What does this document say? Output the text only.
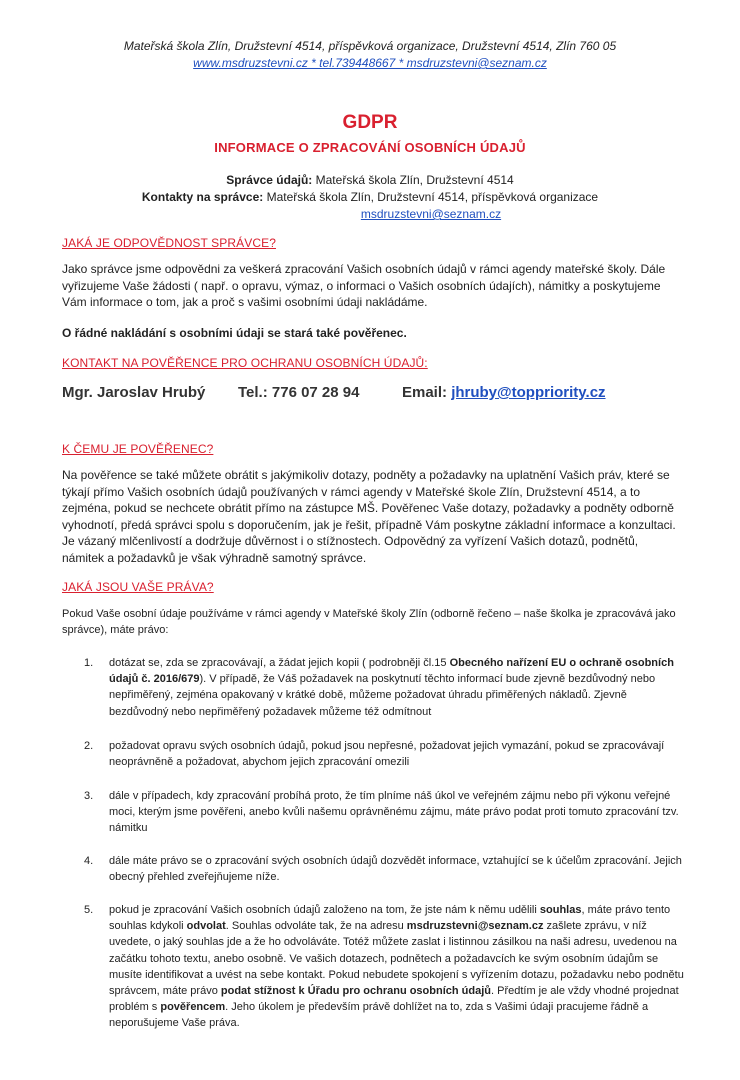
Mateřská škola Zlín, Družstevní 4514, příspěvková organizace, Družstevní 4514, Zlín 760 05
www.msdruzstevni.cz * tel.739448667 * msdruzstevni@seznam.cz
GDPR
INFORMACE O ZPRACOVÁNÍ OSOBNÍCH ÚDAJŮ
Správce údajů: Mateřská škola Zlín, Družstevní 4514
Kontakty na správce: Mateřská škola Zlín, Družstevní 4514, příspěvková organizace
msdruzstevni@seznam.cz
JAKÁ JE ODPOVĚDNOST SPRÁVCE?
Jako správce jsme odpovědni za veškerá zpracování Vašich osobních údajů v rámci agendy mateřské školy. Dále vyřizujeme Vaše žádosti ( např. o opravu, výmaz, o informaci o Vašich osobních údajích), námitky a poskytujeme Vám informace o tom, jak a proč s vašimi osobními údaji nakládáme.
O řádné nakládání s osobními údaji se stará také pověřenec.
KONTAKT NA POVĚŘENCE PRO OCHRANU OSOBNÍCH ÚDAJŮ:
Mgr. Jaroslav Hrubý Tel.: 776 07 28 94	Email: jhruby@toppriority.cz
K ČEMU JE POVĚŘENEC?
Na pověřence se také můžete obrátit s jakýmikoliv dotazy, podněty a požadavky na uplatnění Vašich práv, které se týkají přímo Vašich osobních údajů používaných v rámci agendy v Mateřské škole Zlín, Družstevní 4514, a to zejména, pokud se nechcete obrátit přímo na zástupce MŠ. Pověřenec Vaše dotazy, požadavky a podněty odborně vyhodnotí, předá správci spolu s doporučením, jak je řešit, případně Vám poskytne základní informace a konzultaci. Je vázaný mlčenlivostí a dodržuje důvěrnost i o stížnostech. Odpovědný za vyřízení Vašich dotazů, podnětů, námitek a požadavků je však výhradně samotný správce.
JAKÁ JSOU VAŠE PRÁVA?
Pokud Vaše osobní údaje používáme v rámci agendy v Mateřské školy Zlín (odborně řečeno – naše školka je zpracovává jako správce), máte právo:
1. dotázat se, zda se zpracovávají, a žádat jejich kopii ( podrobněji čl.15 Obecného nařízení EU o ochraně osobních údajů č. 2016/679). V případě, že Váš požadavek na poskytnutí těchto informací bude zjevně bezdůvodný nebo nepřiměřený, zejména opakovaný v krátké době, můžeme požadovat úhradu přiměřených nákladů. Zjevně bezdůvodný nebo nepřiměřený požadavek můžeme též odmítnout
2. požadovat opravu svých osobních údajů, pokud jsou nepřesné, požadovat jejich vymazání, pokud se zpracovávají neoprávněně a požadovat, abychom jejich zpracování omezili
3. dále v případech, kdy zpracování probíhá proto, že tím plníme náš úkol ve veřejném zájmu nebo při výkonu veřejné moci, kterým jsme pověřeni, anebo kvůli našemu oprávněnému zájmu, máte právo podat proti tomuto zpracování tzv. námitku
4. dále máte právo se o zpracování svých osobních údajů dozvědět informace, vztahující se k účelům zpracování. Jejich obecný přehled zveřejňujeme níže.
5. pokud je zpracování Vašich osobních údajů založeno na tom, že jste nám k němu udělili souhlas, máte právo tento souhlas kdykoli odvolat. Souhlas odvoláte tak, že na adresu msdruzstevni@seznam.cz zašlete zprávu, v níž uvedete, o jaký souhlas jde a že ho odvoláváte. Totéž můžete zaslat i listinnou zásilkou na naši adresu, uvedenou na začátku tohoto textu, anebo osobně. Ve vašich dotazech, podnětech a požadavcích ke svým osobním údajům se musíte identifikovat a uvést na sebe kontakt. Pokud nebudete spokojení s vyřízením dotazu, požadavku nebo podnětu správcem, máte právo podat stížnost k Úřadu pro ochranu osobních údajů. Předtím je ale vždy vhodné projednat problém s pověřencem. Jeho úkolem je především právě dohlížet na to, zda s Vašimi údaji pracujeme řádně a neporušujeme Vaše práva.
